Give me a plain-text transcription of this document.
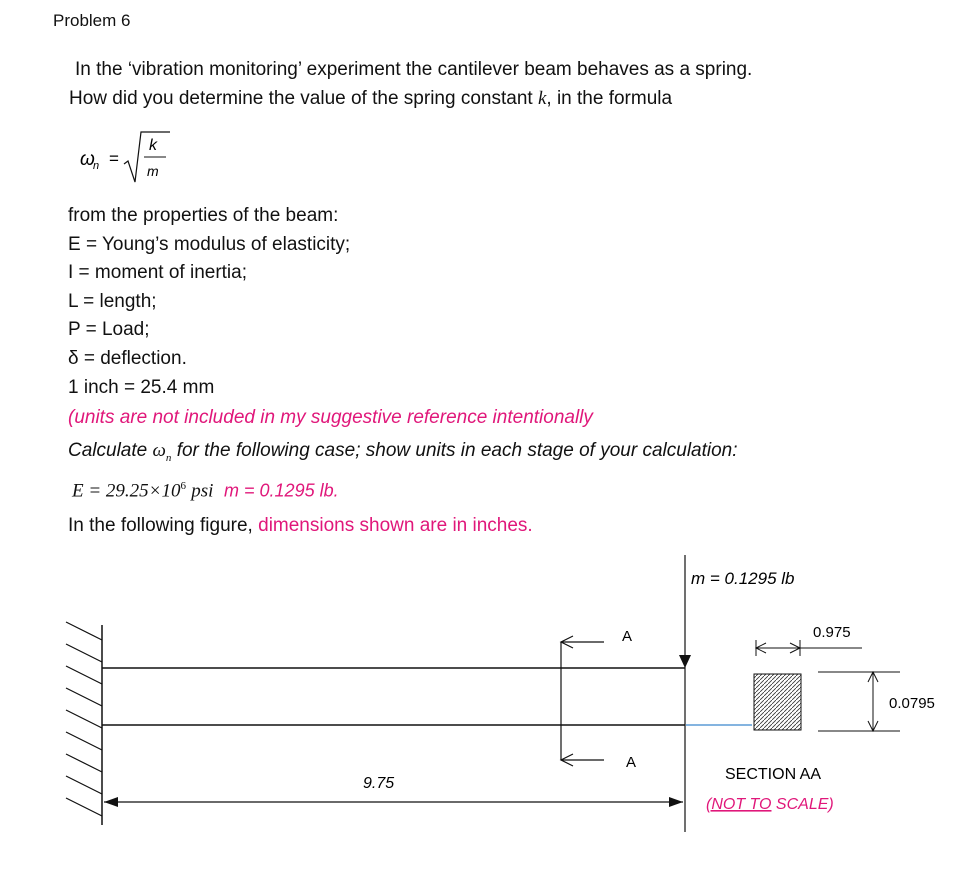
Problem 6
In the ‘vibration monitoring’ experiment the cantilever beam behaves as a spring.
How did you determine the value of the spring constant k, in the formula
ω
n =
k
m
from the properties of the beam:
E = Young’s modulus of elasticity;
I = moment of inertia;
L = length;
P = Load;
δ = deflection.
1 inch = 25.4 mm
(units are not included in my suggestive reference intentionally
Calculate $\omega_n$ for the following case; show units in each stage of your calculation:
$E = 29.25\times 10^6$ psi m = 0.1295 lb.
In the following figure, dimensions shown are in inches.
A
A
m = 0.1295 lb
9.75
0.975
0.0795
SECTION AA
(NOT TO SCALE)
